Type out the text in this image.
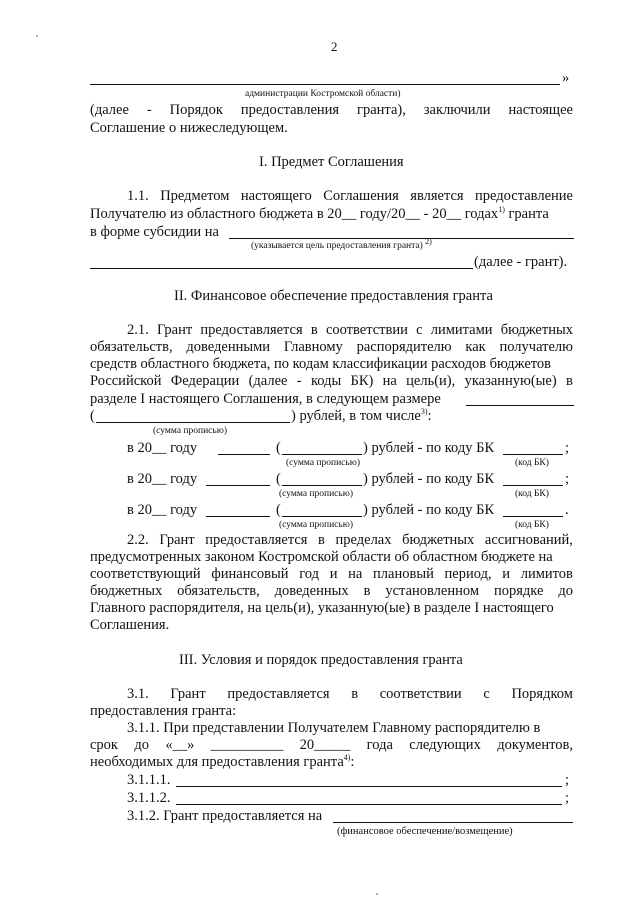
2
»
администрации Костромской области)
(далее - Порядок предоставления гранта), заключили настоящее
Соглашение о нижеследующем.
I. Предмет Соглашения
1.1. Предметом настоящего Соглашения является предоставление
Получателю из областного бюджета в 20__ году/20__ - 20__ годах$^{1)}$ гранта
в форме субсидии на
(указывается цель предоставления гранта) $^{2)}$
(далее - грант).
II. Финансовое обеспечение предоставления гранта
2.1. Грант предоставляется в соответствии с лимитами бюджетных
обязательств, доведенными Главному распорядителю как получателю
средств областного бюджета, по кодам классификации расходов бюджетов
Российской Федерации (далее - коды БК) на цель(и), указанную(ые) в
разделе I настоящего Соглашения, в следующем размере
(	) рублей, в том числе$^{3)}$:
(сумма прописью)
в 20__ году	(	) рублей - по коду БК	;
(сумма прописью)	(код БК)
в 20__ году	(	) рублей - по коду БК	;
(сумма прописью)	(код БК)
в 20__ году	(	) рублей - по коду БК	.
(сумма прописью)	(код БК)
2.2. Грант предоставляется в пределах бюджетных ассигнований,
предусмотренных законом Костромской области об областном бюджете на
соответствующий финансовый год и на плановый период, и лимитов
бюджетных обязательств, доведенных в установленном порядке до
Главного распорядителя, на цель(и), указанную(ые) в разделе I настоящего
Соглашения.
III. Условия и порядок предоставления гранта
3.1. Грант предоставляется в соответствии с Порядком
предоставления гранта:
3.1.1. При представлении Получателем Главному распорядителю в
срок до «__» __________ 20_____ года следующих документов,
необходимых для предоставления гранта$^{4)}$:
3.1.1.1.	;
3.1.1.2.	;
3.1.2. Грант предоставляется на
(финансовое обеспечение/возмещение)
